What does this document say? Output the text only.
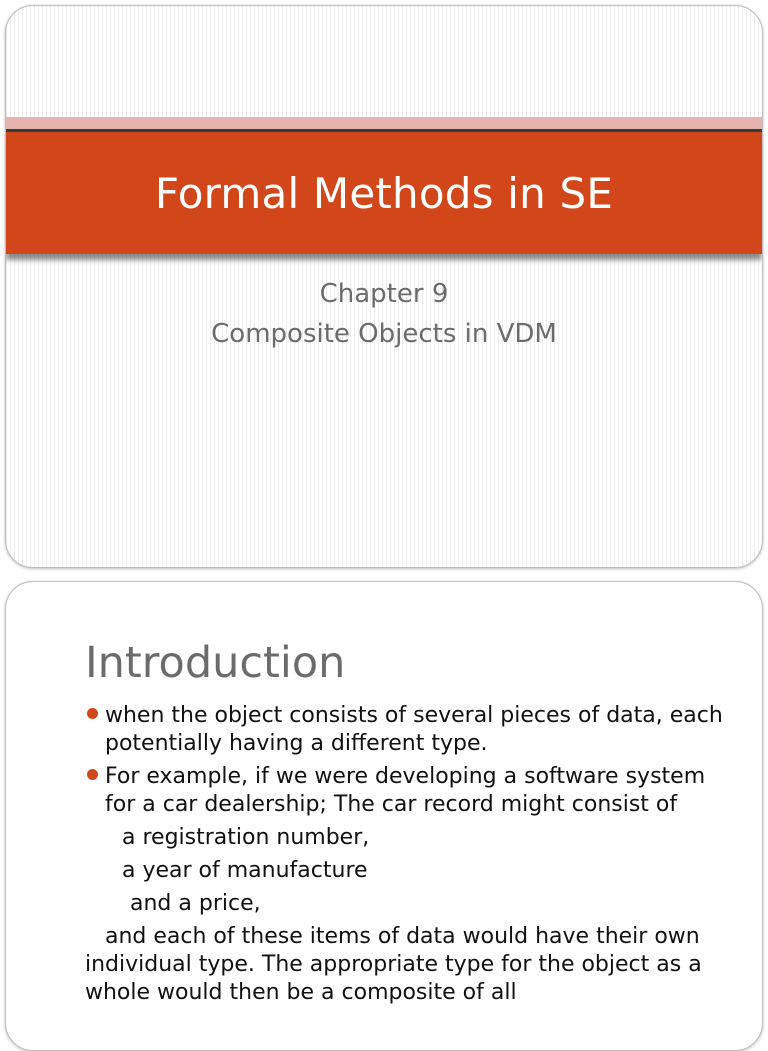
Formal Methods in SE
Chapter 9
Composite Objects in VDM
Introduction
when the object consists of several pieces of data, each potentially having a different type.
For example, if we were developing a software system for a car dealership; The car record might consist of
a registration number,
a year of manufacture
and a price,
and each of these items of data would have their own individual type. The appropriate type for the object as a whole would then be a composite of all
